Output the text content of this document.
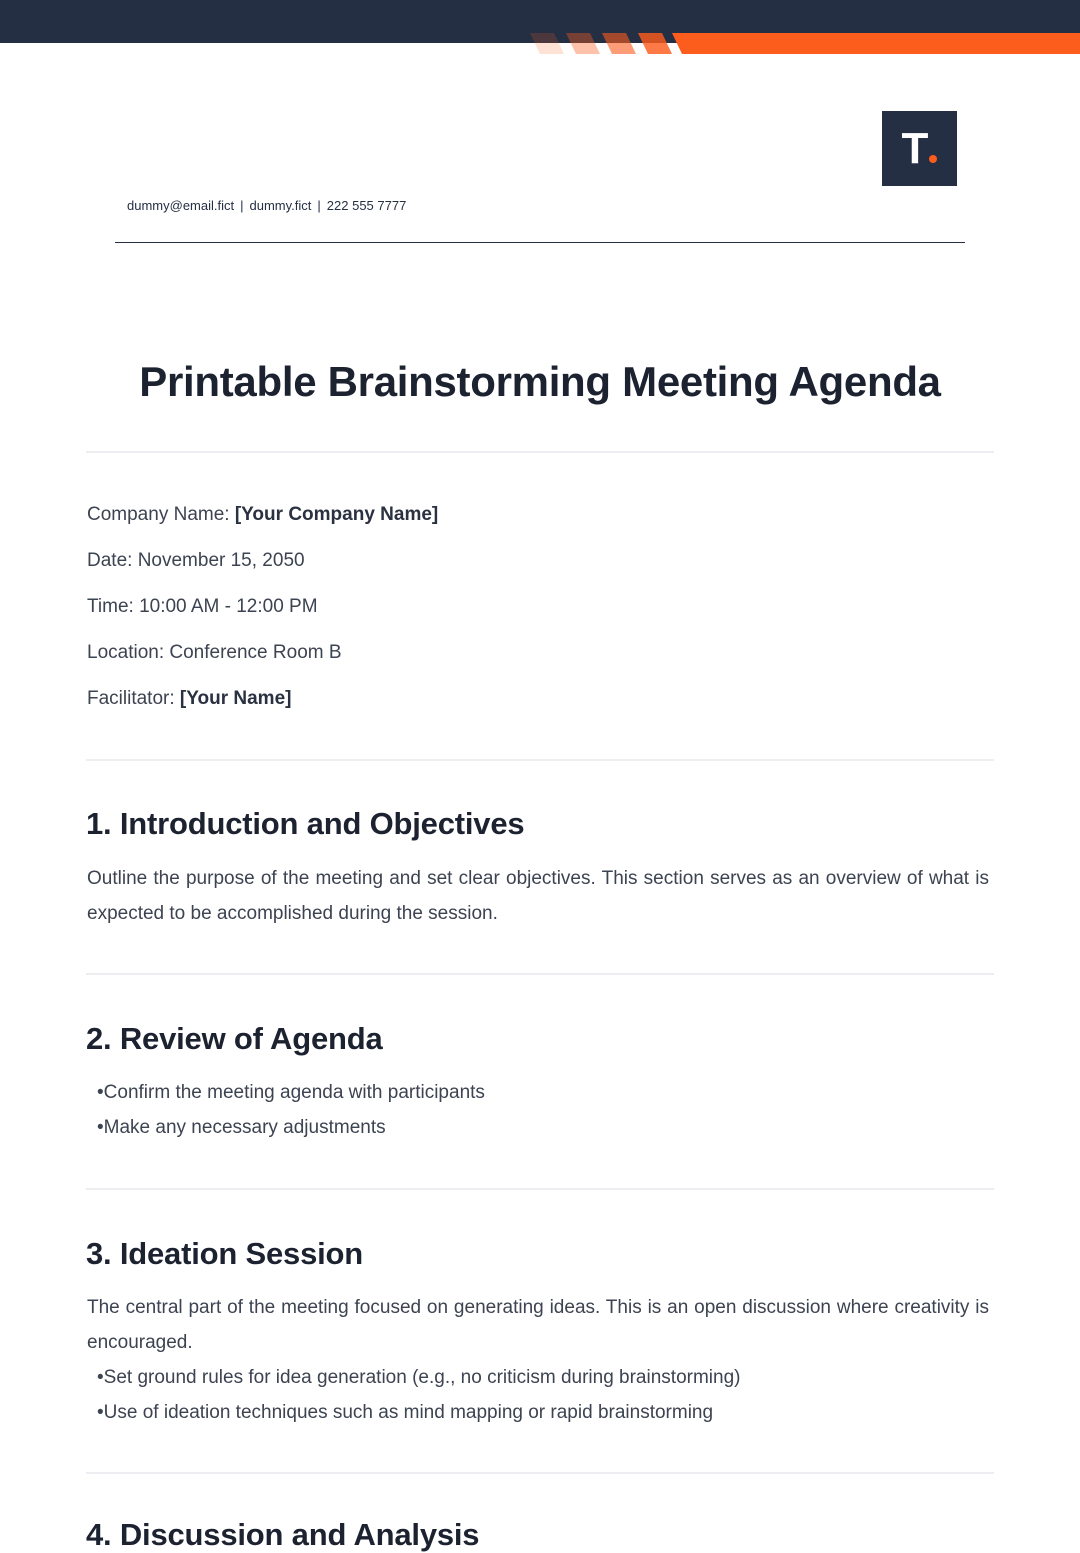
T
dummy@email.fict | dummy.fict | 222 555 7777
Printable Brainstorming Meeting Agenda
Company Name: [Your Company Name]
Date: November 15, 2050
Time: 10:00 AM - 12:00 PM
Location: Conference Room B
Facilitator: [Your Name]
1. Introduction and Objectives

Outline the purpose of the meeting and set clear objectives. This section serves as an overview of what is expected to be accomplished during the session.

2. Review of Agenda
•Confirm the meeting agenda with participants
•Make any necessary adjustments
3. Ideation Session

The central part of the meeting focused on generating ideas. This is an open discussion where creativity is encouraged.

•Set ground rules for idea generation (e.g., no criticism during brainstorming)
•Use of ideation techniques such as mind mapping or rapid brainstorming
4. Discussion and Analysis
